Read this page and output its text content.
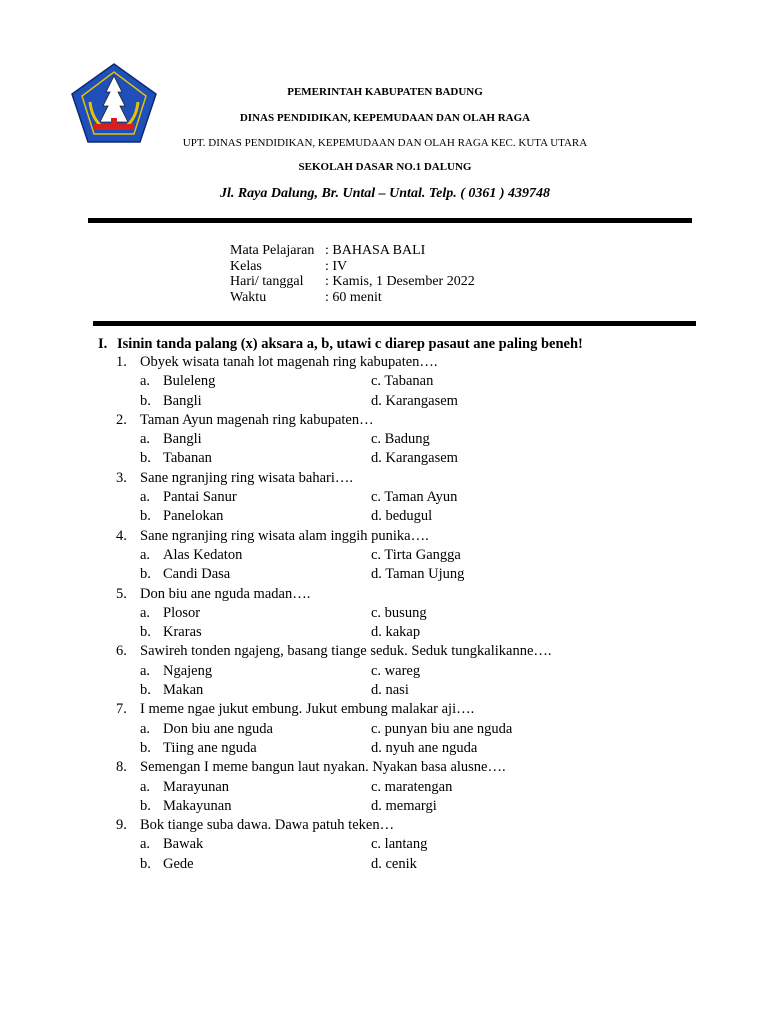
PEMERINTAH KABUPATEN BADUNG
DINAS PENDIDIKAN, KEPEMUDAAN DAN OLAH RAGA
UPT. DINAS PENDIDIKAN, KEPEMUDAAN DAN OLAH RAGA KEC. KUTA UTARA
SEKOLAH DASAR NO.1 DALUNG
Jl. Raya Dalung, Br. Untal – Untal. Telp. ( 0361 ) 439748
Mata Pelajaran : BAHASA BALI
Kelas	: IV
Hari/ tanggal : Kamis, 1 Desember 2022
Waktu	: 60 menit
I. Isinin tanda palang (x) aksara a, b, utawi c diarep pasaut ane paling beneh!
1. Obyek wisata tanah lot magenah ring kabupaten….
a. Buleleng	c. Tabanan
b. Bangli	d. Karangasem
2. Taman Ayun magenah ring kabupaten…
a. Bangli	c. Badung
b. Tabanan	d. Karangasem
3. Sane ngranjing ring wisata bahari….
a. Pantai Sanur	c. Taman Ayun
b. Panelokan	d. bedugul
4. Sane ngranjing ring wisata alam inggih punika….
a. Alas Kedaton	c. Tirta Gangga
b. Candi Dasa	d. Taman Ujung
5. Don biu ane nguda madan….
a. Plosor	c. busung
b. Kraras	d. kakap
6. Sawireh tonden ngajeng, basang tiange seduk. Seduk tungkalikanne….
a. Ngajeng	c. wareg
b. Makan	d. nasi
7. I meme ngae jukut embung. Jukut embung malakar aji….
a. Don biu ane nguda	c. punyan biu ane nguda
b. Tiing ane nguda	d. nyuh ane nguda
8. Semengan I meme bangun laut nyakan. Nyakan basa alusne….
a. Marayunan	c. maratengan
b. Makayunan	d. memargi
9. Bok tiange suba dawa. Dawa patuh teken…
a. Bawak	c. lantang
b. Gede	d. cenik
